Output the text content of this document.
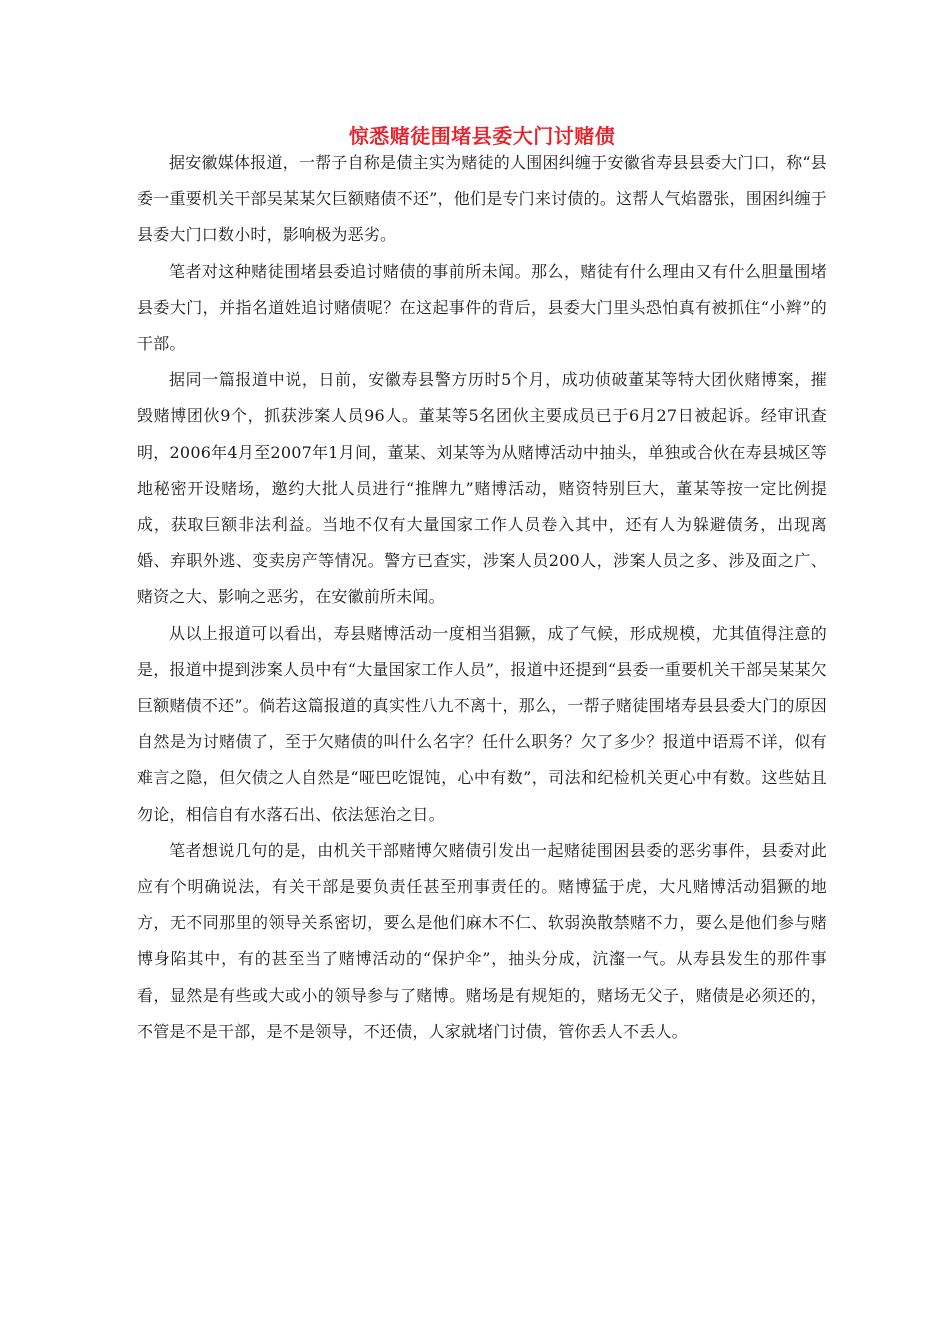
惊悉赌徒围堵县委大门讨赌债

据安徽媒体报道，一帮子自称是债主实为赌徒的人围困纠缠于安徽省寿县县委大门口，称“县委一重要机关干部吴某某欠巨额赌债不还”，他们是专门来讨债的。这帮人气焰嚣张，围困纠缠于县委大门口数小时，影响极为恶劣。

笔者对这种赌徒围堵县委追讨赌债的事前所未闻。那么，赌徒有什么理由又有什么胆量围堵县委大门，并指名道姓追讨赌债呢？在这起事件的背后，县委大门里头恐怕真有被抓住“小辫”的干部。

据同一篇报道中说，日前，安徽寿县警方历时5个月，成功侦破董某等特大团伙赌博案，摧毁赌博团伙9个，抓获涉案人员96人。董某等5名团伙主要成员已于6月27日被起诉。经审讯查明，2006年4月至2007年1月间，董某、刘某等为从赌博活动中抽头，单独或合伙在寿县城区等地秘密开设赌场，邀约大批人员进行“推牌九”赌博活动，赌资特别巨大，董某等按一定比例提成，获取巨额非法利益。当地不仅有大量国家工作人员卷入其中，还有人为躲避债务，出现离婚、弃职外逃、变卖房产等情况。警方已查实，涉案人员200人，涉案人员之多、涉及面之广、赌资之大、影响之恶劣，在安徽前所未闻。

从以上报道可以看出，寿县赌博活动一度相当猖獗，成了气候，形成规模，尤其值得注意的是，报道中提到涉案人员中有“大量国家工作人员”，报道中还提到“县委一重要机关干部吴某某欠巨额赌债不还”。倘若这篇报道的真实性八九不离十，那么，一帮子赌徒围堵寿县县委大门的原因自然是为讨赌债了，至于欠赌债的叫什么名字？任什么职务？欠了多少？报道中语焉不详，似有难言之隐，但欠债之人自然是“哑巴吃馄饨，心中有数”，司法和纪检机关更心中有数。这些姑且勿论，相信自有水落石出、依法惩治之日。

笔者想说几句的是，由机关干部赌博欠赌债引发出一起赌徒围困县委的恶劣事件，县委对此应有个明确说法，有关干部是要负责任甚至刑事责任的。赌博猛于虎，大凡赌博活动猖獗的地方，无不同那里的领导关系密切，要么是他们麻木不仁、软弱涣散禁赌不力，要么是他们参与赌博身陷其中，有的甚至当了赌博活动的“保护伞”，抽头分成，沆瀣一气。从寿县发生的那件事看，显然是有些或大或小的领导参与了赌博。赌场是有规矩的，赌场无父子，赌债是必须还的，不管是不是干部，是不是领导，不还债，人家就堵门讨债，管你丢人不丢人。
